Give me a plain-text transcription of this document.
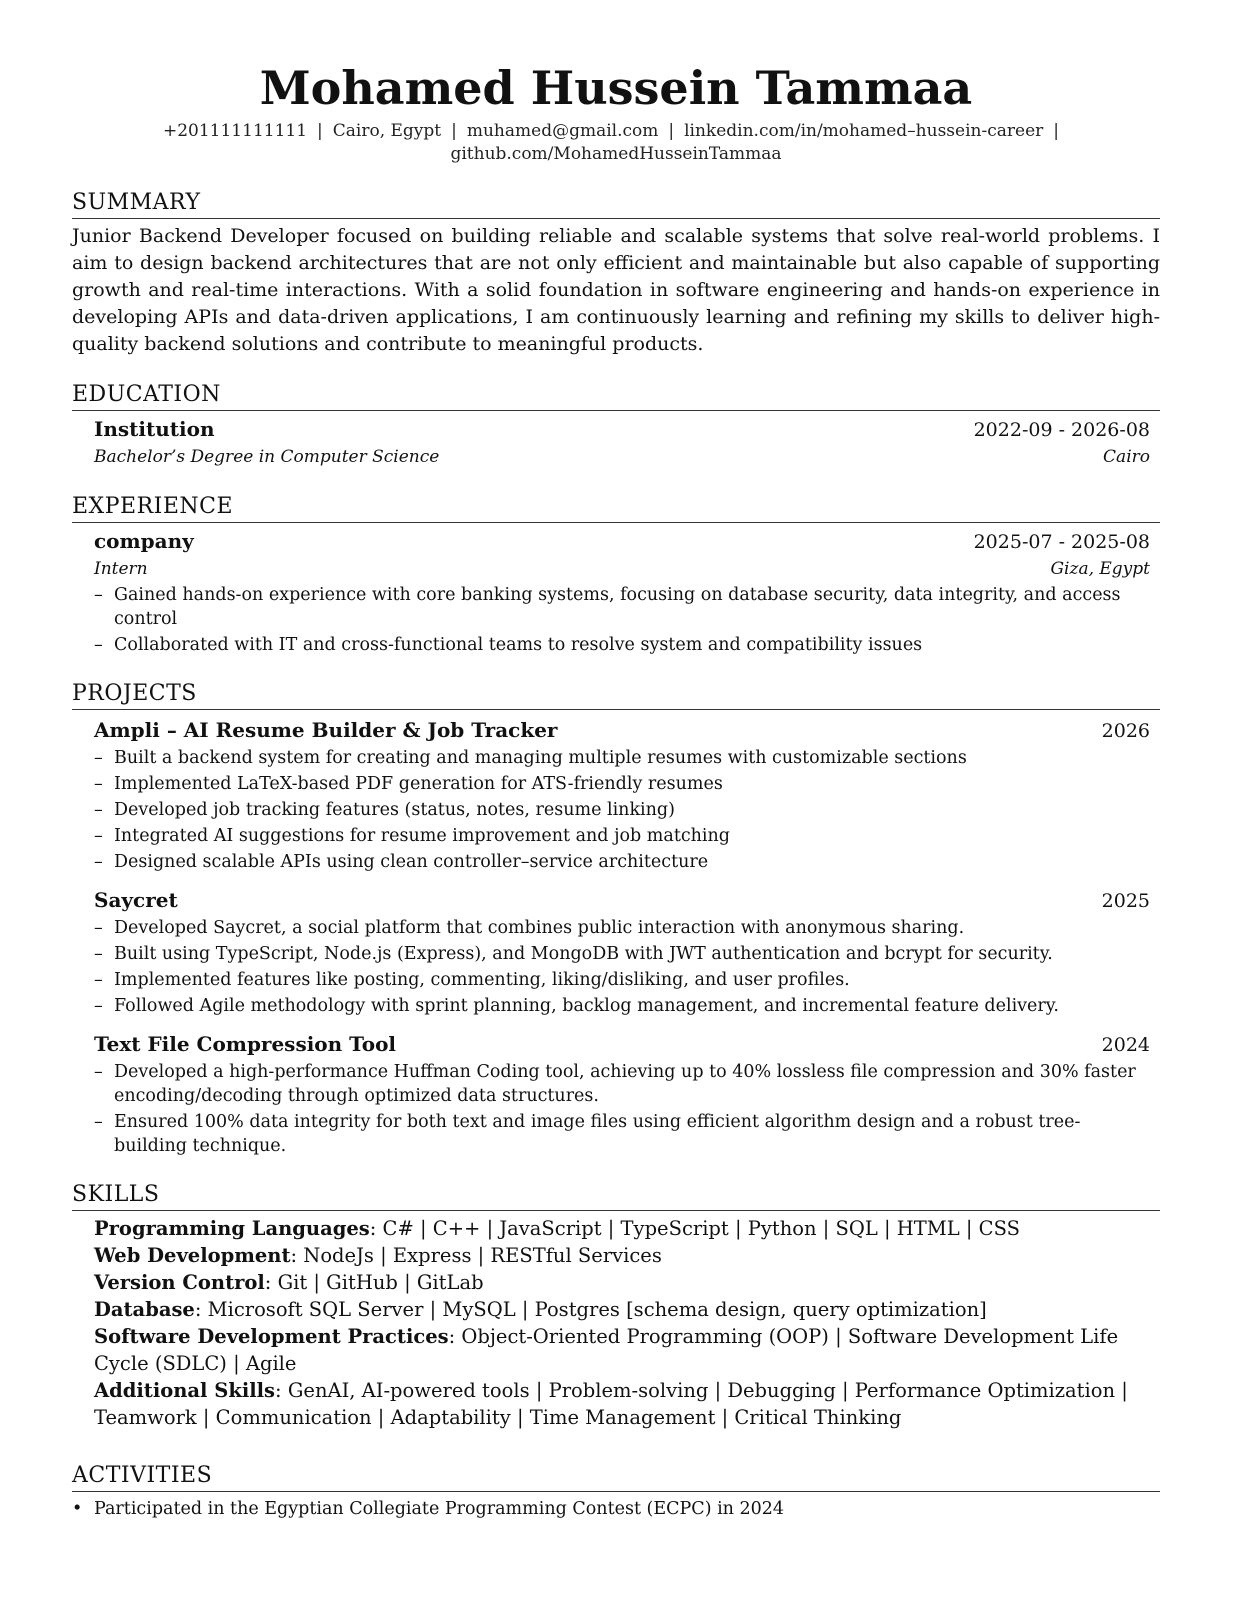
Mohamed Hussein Tammaa
+201111111111 | Cairo, Egypt | muhamed@gmail.com | linkedin.com/in/mohamed–hussein-career |
github.com/MohamedHusseinTammaa
SUMMARY
Junior Backend Developer focused on building reliable and scalable systems that solve real-world problems. I aim to design backend architectures that are not only efficient and maintainable but also capable of supporting growth and real-time interactions. With a solid foundation in software engineering and hands-on experience in developing APIs and data-driven applications, I am continuously learning and refining my skills to deliver high-quality backend solutions and contribute to meaningful products.
EDUCATION
Institution	2022-09 - 2026-08
Bachelor’s Degree in Computer Science	Cairo
EXPERIENCE
company	2025-07 - 2025-08
Intern	Giza, Egypt
– Gained hands-on experience with core banking systems, focusing on database security, data integrity, and access control
– Collaborated with IT and cross-functional teams to resolve system and compatibility issues
PROJECTS
Ampli – AI Resume Builder & Job Tracker	2026
– Built a backend system for creating and managing multiple resumes with customizable sections
– Implemented LaTeX-based PDF generation for ATS-friendly resumes
– Developed job tracking features (status, notes, resume linking)
– Integrated AI suggestions for resume improvement and job matching
– Designed scalable APIs using clean controller–service architecture
Saycret	2025
– Developed Saycret, a social platform that combines public interaction with anonymous sharing.
– Built using TypeScript, Node.js (Express), and MongoDB with JWT authentication and bcrypt for security.
– Implemented features like posting, commenting, liking/disliking, and user profiles.
– Followed Agile methodology with sprint planning, backlog management, and incremental feature delivery.
Text File Compression Tool	2024
– Developed a high-performance Huffman Coding tool, achieving up to 40% lossless file compression and 30% faster encoding/decoding through optimized data structures.
– Ensured 100% data integrity for both text and image files using efficient algorithm design and a robust tree-building technique.
SKILLS
Programming Languages: C# | C++ | JavaScript | TypeScript | Python | SQL | HTML | CSS
Web Development: NodeJs | Express | RESTful Services
Version Control: Git | GitHub | GitLab
Database: Microsoft SQL Server | MySQL | Postgres [schema design, query optimization]
Software Development Practices: Object-Oriented Programming (OOP) | Software Development Life Cycle (SDLC) | Agile
Additional Skills: GenAI, AI-powered tools | Problem-solving | Debugging | Performance Optimization | Teamwork | Communication | Adaptability | Time Management | Critical Thinking
ACTIVITIES
• Participated in the Egyptian Collegiate Programming Contest (ECPC) in 2024
